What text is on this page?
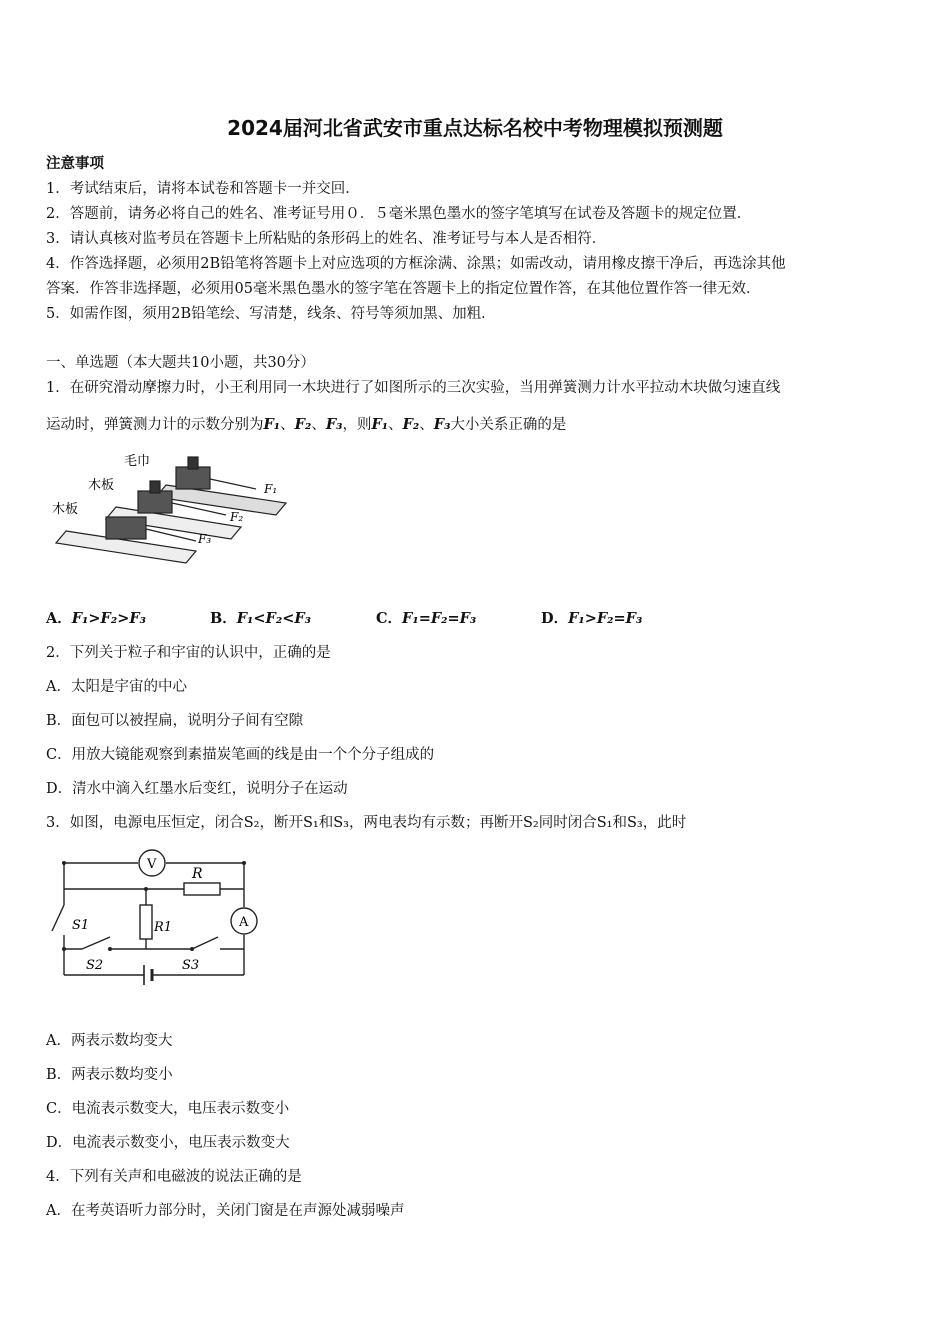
2024届河北省武安市重点达标名校中考物理模拟预测题
注意事项
1．考试结束后，请将本试卷和答题卡一并交回．
2．答题前，请务必将自己的姓名、准考证号用０．５毫米黑色墨水的签字笔填写在试卷及答题卡的规定位置．
3．请认真核对监考员在答题卡上所粘贴的条形码上的姓名、准考证号与本人是否相符．
4．作答选择题，必须用2B铅笔将答题卡上对应选项的方框涂满、涂黑；如需改动，请用橡皮擦干净后，再选涂其他
答案．作答非选择题，必须用05毫米黑色墨水的签字笔在答题卡上的指定位置作答，在其他位置作答一律无效．
5．如需作图，须用2B铅笔绘、写清楚，线条、符号等须加黑、加粗．
一、单选题（本大题共10小题，共30分）
1．在研究滑动摩擦力时，小王利用同一木块进行了如图所示的三次实验，当用弹簧测力计水平拉动木块做匀速直线
运动时，弹簧测力计的示数分别为F₁、F₂、F₃，则F₁、F₂、F₃大小关系正确的是
毛巾
木板
木板
F₁
F₂
F₃
A．F₁>F₂>F₃	B．F₁<F₂<F₃	C．F₁=F₂=F₃	D．F₁>F₂=F₃
2．下列关于粒子和宇宙的认识中，正确的是
A．太阳是宇宙的中心
B．面包可以被捏扁，说明分子间有空隙
C．用放大镜能观察到素描炭笔画的线是由一个个分子组成的
D．清水中滴入红墨水后变红，说明分子在运动
3．如图，电源电压恒定，闭合S₂，断开S₁和S₃，两电表均有示数；再断开S₂同时闭合S₁和S₃，此时
V
R
A
S1	R1
S2	S3
A．两表示数均变大
B．两表示数均变小
C．电流表示数变大，电压表示数变小
D．电流表示数变小，电压表示数变大
4．下列有关声和电磁波的说法正确的是
A．在考英语听力部分时，关闭门窗是在声源处减弱噪声
